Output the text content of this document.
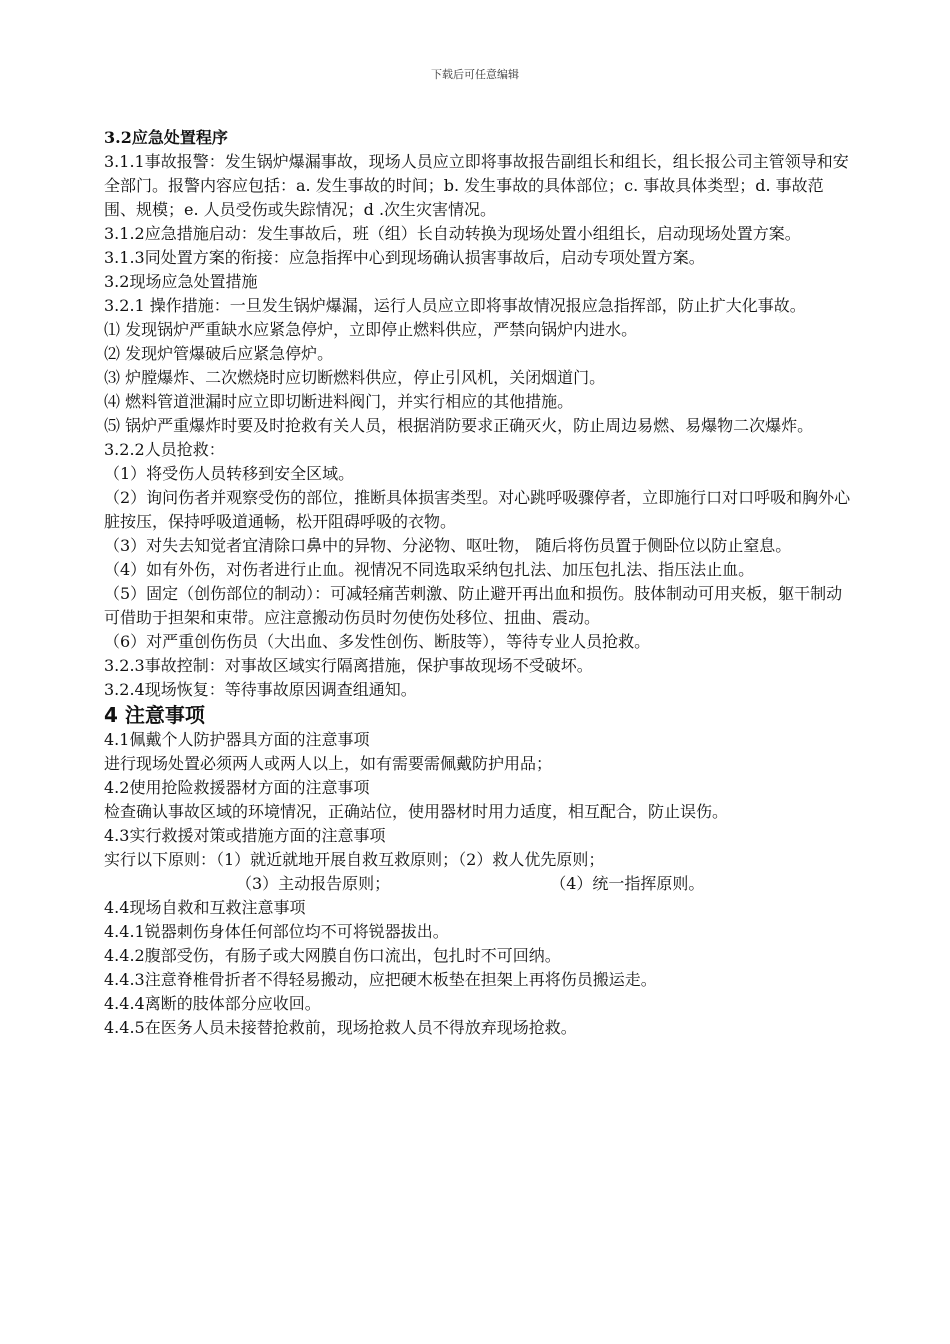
下载后可任意编辑

3.2应急处置程序

3.1.1事故报警：发生锅炉爆漏事故，现场人员应立即将事故报告副组长和组长，组长报公司主管领导和安全部门。报警内容应包括：a. 发生事故的时间；b. 发生事故的具体部位；c. 事故具体类型；d. 事故范围、规模；e. 人员受伤或失踪情况；d .次生灾害情况。

3.1.2应急措施启动：发生事故后，班（组）长自动转换为现场处置小组组长，启动现场处置方案。

3.1.3同处置方案的衔接：应急指挥中心到现场确认损害事故后，启动专项处置方案。

3.2现场应急处置措施

3.2.1 操作措施：一旦发生锅炉爆漏，运行人员应立即将事故情况报应急指挥部，防止扩大化事故。

⑴ 发现锅炉严重缺水应紧急停炉，立即停止燃料供应，严禁向锅炉内进水。

⑵ 发现炉管爆破后应紧急停炉。

⑶ 炉膛爆炸、二次燃烧时应切断燃料供应，停止引风机，关闭烟道门。

⑷ 燃料管道泄漏时应立即切断进料阀门，并实行相应的其他措施。

⑸ 锅炉严重爆炸时要及时抢救有关人员，根据消防要求正确灭火，防止周边易燃、易爆物二次爆炸。

3.2.2人员抢救：

（1）将受伤人员转移到安全区域。

（2）询问伤者并观察受伤的部位，推断具体损害类型。对心跳呼吸骤停者，立即施行口对口呼吸和胸外心脏按压，保持呼吸道通畅，松开阻碍呼吸的衣物。

（3）对失去知觉者宜清除口鼻中的异物、分泌物、呕吐物， 随后将伤员置于侧卧位以防止窒息。

（4）如有外伤，对伤者进行止血。视情况不同选取采纳包扎法、加压包扎法、指压法止血。

（5）固定（创伤部位的制动）：可减轻痛苦刺激、防止避开再出血和损伤。肢体制动可用夹板，躯干制动可借助于担架和束带。应注意搬动伤员时勿使伤处移位、扭曲、震动。

（6）对严重创伤伤员（大出血、多发性创伤、断肢等），等待专业人员抢救。

3.2.3事故控制：对事故区域实行隔离措施，保护事故现场不受破坏。

3.2.4现场恢复：等待事故原因调查组通知。

4 注意事项

4.1佩戴个人防护器具方面的注意事项

进行现场处置必须两人或两人以上，如有需要需佩戴防护用品；

4.2使用抢险救援器材方面的注意事项

检查确认事故区域的环境情况，正确站位，使用器材时用力适度，相互配合，防止误伤。

4.3实行救援对策或措施方面的注意事项

实行以下原则：（1）就近就地开展自救互救原则；（2）救人优先原则；

（3）主动报告原则；	（4）统一指挥原则。

4.4现场自救和互救注意事项

4.4.1锐器刺伤身体任何部位均不可将锐器拔出。

4.4.2腹部受伤，有肠子或大网膜自伤口流出，包扎时不可回纳。

4.4.3注意脊椎骨折者不得轻易搬动，应把硬木板垫在担架上再将伤员搬运走。

4.4.4离断的肢体部分应收回。

4.4.5在医务人员未接替抢救前，现场抢救人员不得放弃现场抢救。
